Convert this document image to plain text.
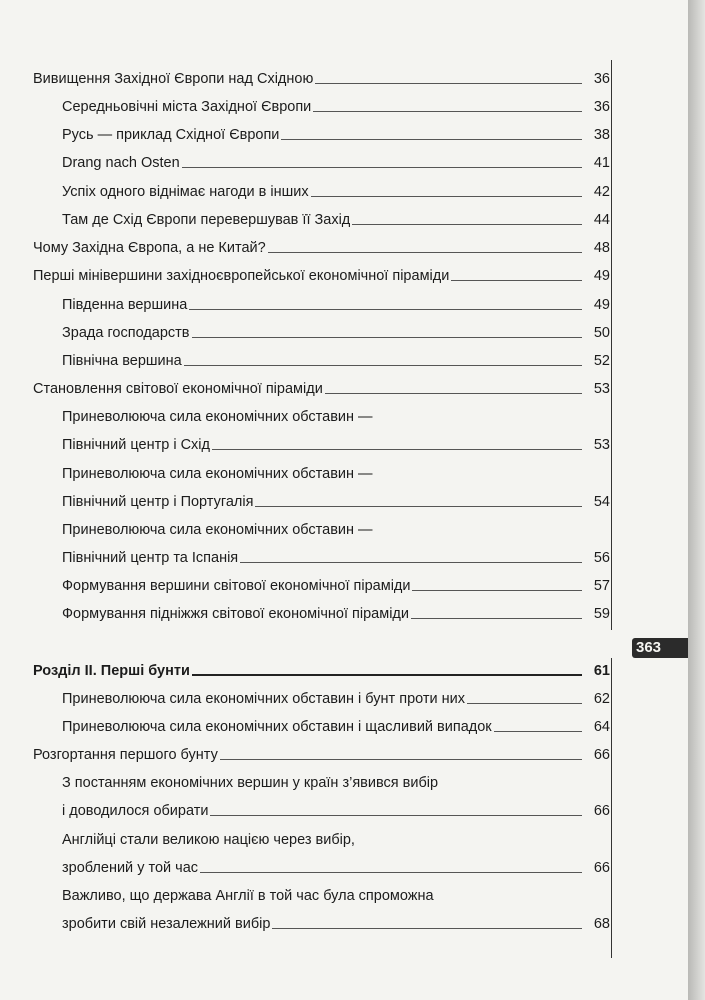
Вивищення Західної Європи над Східною	36
Середньовічні міста Західної Європи	36
Русь — приклад Східної Європи	38
Drang nach Osten	41
Успіх одного віднімає нагоди в інших	42
Там де Схід Європи перевершував її Захід	44
Чому Західна Європа, а не Китай?	48
Перші мінівершини західноєвропейської економічної піраміди	49
Південна вершина	49
Зрада господарств	50
Північна вершина	52
Становлення світової економічної піраміди	53
Приневолююча сила економічних обставин —
Північний центр і Схід	53
Приневолююча сила економічних обставин —
Північний центр і Португалія	54
Приневолююча сила економічних обставин —
Північний центр та Іспанія	56
Формування вершини світової економічної піраміди	57
Формування підніжжя світової економічної піраміди	59
Розділ II. Перші бунти	61
Приневолююча сила економічних обставин і бунт проти них	62
Приневолююча сила економічних обставин і щасливий випадок	64
Розгортання першого бунту	66
З постанням економічних вершин у країн з’явився вибір
і доводилося обирати	66
Англійці стали великою нацією через вибір,
зроблений у той час	66
Важливо, що держава Англії в той час була спроможна
зробити свій незалежний вибір	68
363
